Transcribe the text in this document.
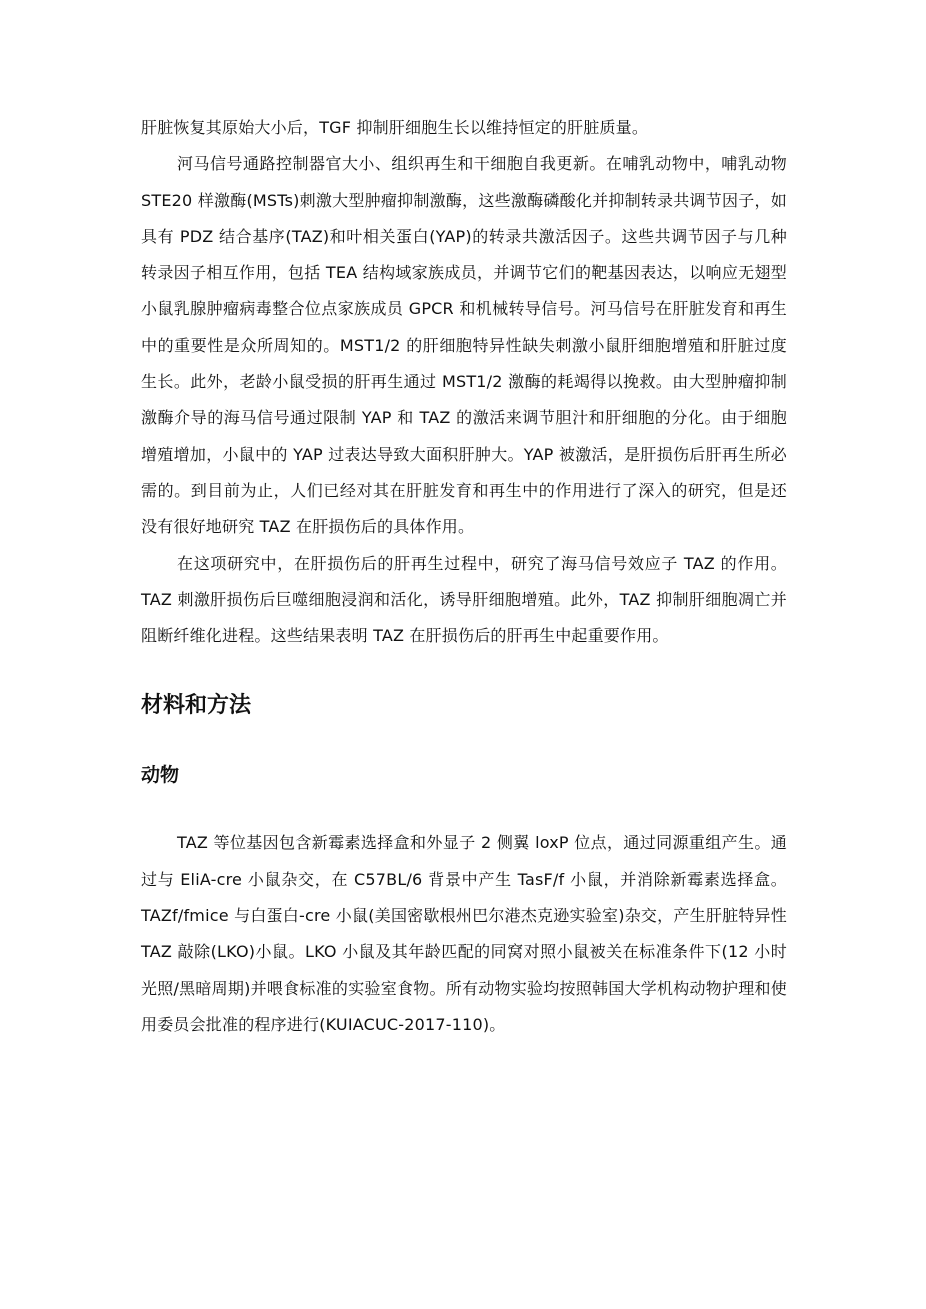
肝脏恢复其原始大小后，TGF 抑制肝细胞生长以维持恒定的肝脏质量。

河马信号通路控制器官大小、组织再生和干细胞自我更新。在哺乳动物中，哺乳动物 STE20 样激酶(MSTs)刺激大型肿瘤抑制激酶，这些激酶磷酸化并抑制转录共调节因子，如具有 PDZ 结合基序(TAZ)和叶相关蛋白(YAP)的转录共激活因子。这些共调节因子与几种转录因子相互作用，包括 TEA 结构域家族成员，并调节它们的靶基因表达，以响应无翅型小鼠乳腺肿瘤病毒整合位点家族成员 GPCR 和机械转导信号。河马信号在肝脏发育和再生中的重要性是众所周知的。MST1/2 的肝细胞特异性缺失刺激小鼠肝细胞增殖和肝脏过度生长。此外，老龄小鼠受损的肝再生通过 MST1/2 激酶的耗竭得以挽救。由大型肿瘤抑制激酶介导的海马信号通过限制 YAP 和 TAZ 的激活来调节胆汁和肝细胞的分化。由于细胞增殖增加，小鼠中的 YAP 过表达导致大面积肝肿大。YAP 被激活，是肝损伤后肝再生所必需的。到目前为止，人们已经对其在肝脏发育和再生中的作用进行了深入的研究，但是还没有很好地研究 TAZ 在肝损伤后的具体作用。

在这项研究中，在肝损伤后的肝再生过程中，研究了海马信号效应子 TAZ 的作用。TAZ 刺激肝损伤后巨噬细胞浸润和活化，诱导肝细胞增殖。此外，TAZ 抑制肝细胞凋亡并阻断纤维化进程。这些结果表明 TAZ 在肝损伤后的肝再生中起重要作用。

材料和方法
动物

TAZ 等位基因包含新霉素选择盒和外显子 2 侧翼 loxP 位点，通过同源重组产生。通过与 EliA-cre 小鼠杂交，在 C57BL/6 背景中产生 TasF/f 小鼠，并消除新霉素选择盒。TAZf/fmice 与白蛋白-cre 小鼠(美国密歇根州巴尔港杰克逊实验室)杂交，产生肝脏特异性 TAZ 敲除(LKO)小鼠。LKO 小鼠及其年龄匹配的同窝对照小鼠被关在标准条件下(12 小时光照/黑暗周期)并喂食标准的实验室食物。所有动物实验均按照韩国大学机构动物护理和使用委员会批准的程序进行(KUIACUC-2017-110)。
